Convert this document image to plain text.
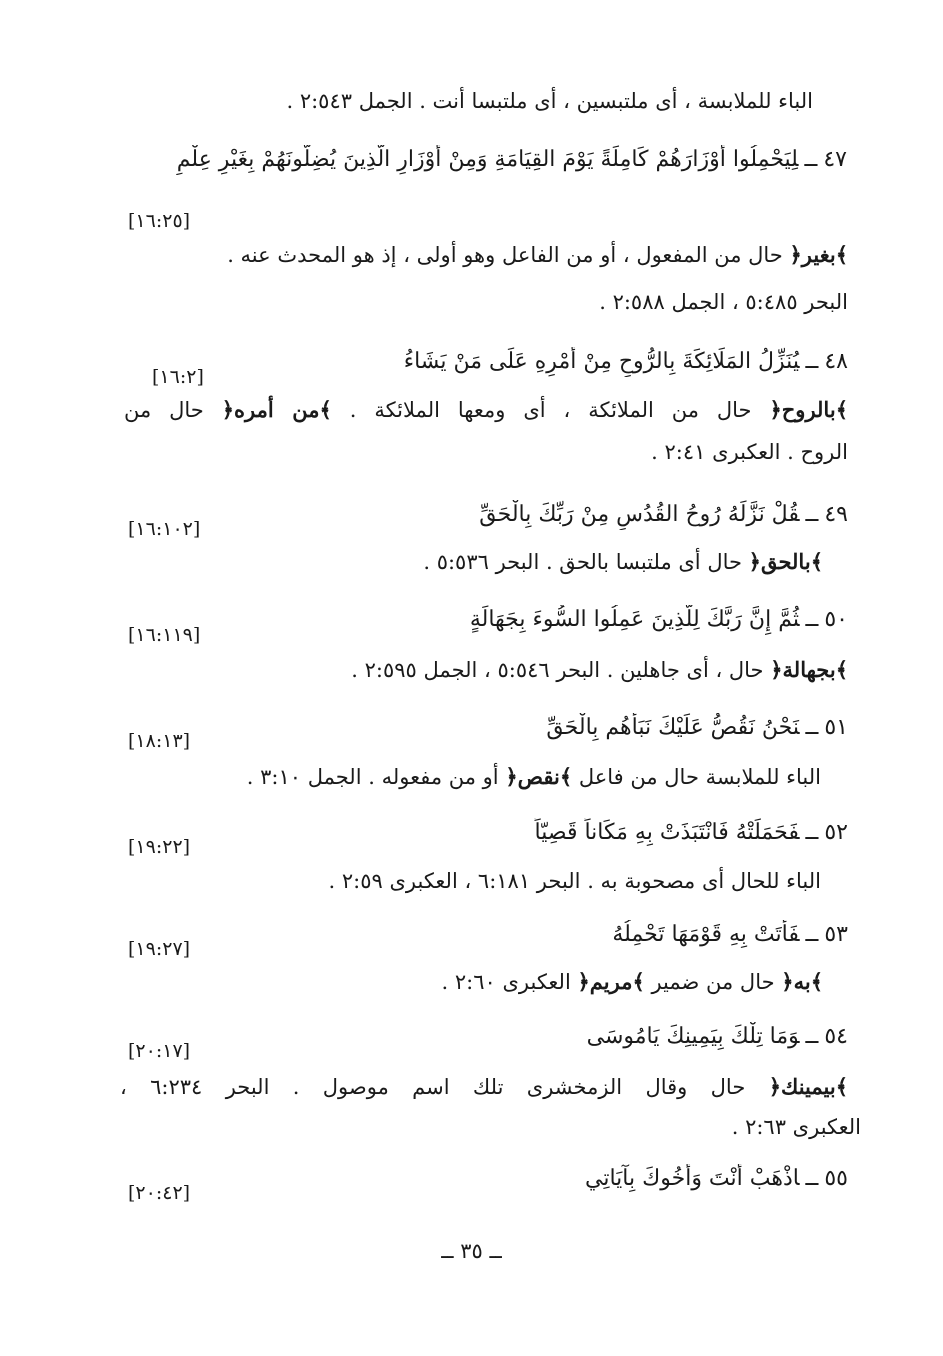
الباء للملابسة ، أى ملتبسين ، أى ملتبسا أنت . الجمل ٢:٥٤٣ .
٤٧ــلِيَحْمِلُوا أَوْزَارَهُمْ كَامِلَةً يَوْمَ القِيَامَةِ وَمِنْ أَوْزَارِ الَّذِينَ يُضِلُّونَهُمْ بِغَيْرِ عِلْمٍ
[١٦:٢٥]
﴾بغير﴿ حال من المفعول ، أو من الفاعل وهو أولى ، إذ هو المحدث عنه .
البحر ٥:٤٨٥ ، الجمل ٢:٥٨٨ .
٤٨ــيُنَزِّلُ المَلَائِكَةَ بِالرُّوحِ مِنْ أَمْرِهِ عَلَى مَنْ يَشَاءُ
[١٦:٢]
﴾بالروح﴿ حال من الملائكة ، أى ومعها الملائكة . ﴾من أمره﴿ حال من
الروح . العكبرى ٢:٤١ .
٤٩ــقُلْ نَزَّلَهُ رُوحُ القُدُسِ مِنْ رَبِّكَ بِالْحَقِّ
[١٦:١٠٢]
﴾بالحق﴿ حال أى ملتبسا بالحق . البحر ٥:٥٣٦ .
٥٠ــثُمَّ إِنَّ رَبَّكَ لِلَّذِينَ عَمِلُوا السُّوءَ بِجَهَالَةٍ
[١٦:١١٩]
﴾بجهالة﴿ حال ، أى جاهلين . البحر ٥:٥٤٦ ، الجمل ٢:٥٩٥ .
٥١ــنَحْنُ نَقُصُّ عَلَيْكَ نَبَأَهُم بِالْحَقِّ
[١٨:١٣]
الباء للملابسة حال من فاعل ﴾نقص﴿ أو من مفعوله . الجمل ٣:١٠ .
٥٢ــفَحَمَلَتْهُ فَانْتَبَذَتْ بِهِ مَكَاناً قَصِيّاً
[١٩:٢٢]
الباء للحال أى مصحوبة به . البحر ٦:١٨١ ، العكبرى ٢:٥٩ .
٥٣ــفَأَتَتْ بِهِ قَوْمَهَا تَحْمِلُهُ
[١٩:٢٧]
﴾به﴿ حال من ضمير ﴾مريم﴿ العكبرى ٢:٦٠ .
٥٤ــوَمَا تِلْكَ بِيَمِينِكَ يَامُوسَى
[٢٠:١٧]
﴾بيمينك﴿ حال وقال الزمخشرى تلك اسم موصول . البحر ٦:٢٣٤ ،
العكبرى ٢:٦٣ .
٥٥ــاذْهَبْ أَنْتَ وَأَخُوكَ بِآيَاتِي
[٢٠:٤٢]
ــ ٣٥ ــ
